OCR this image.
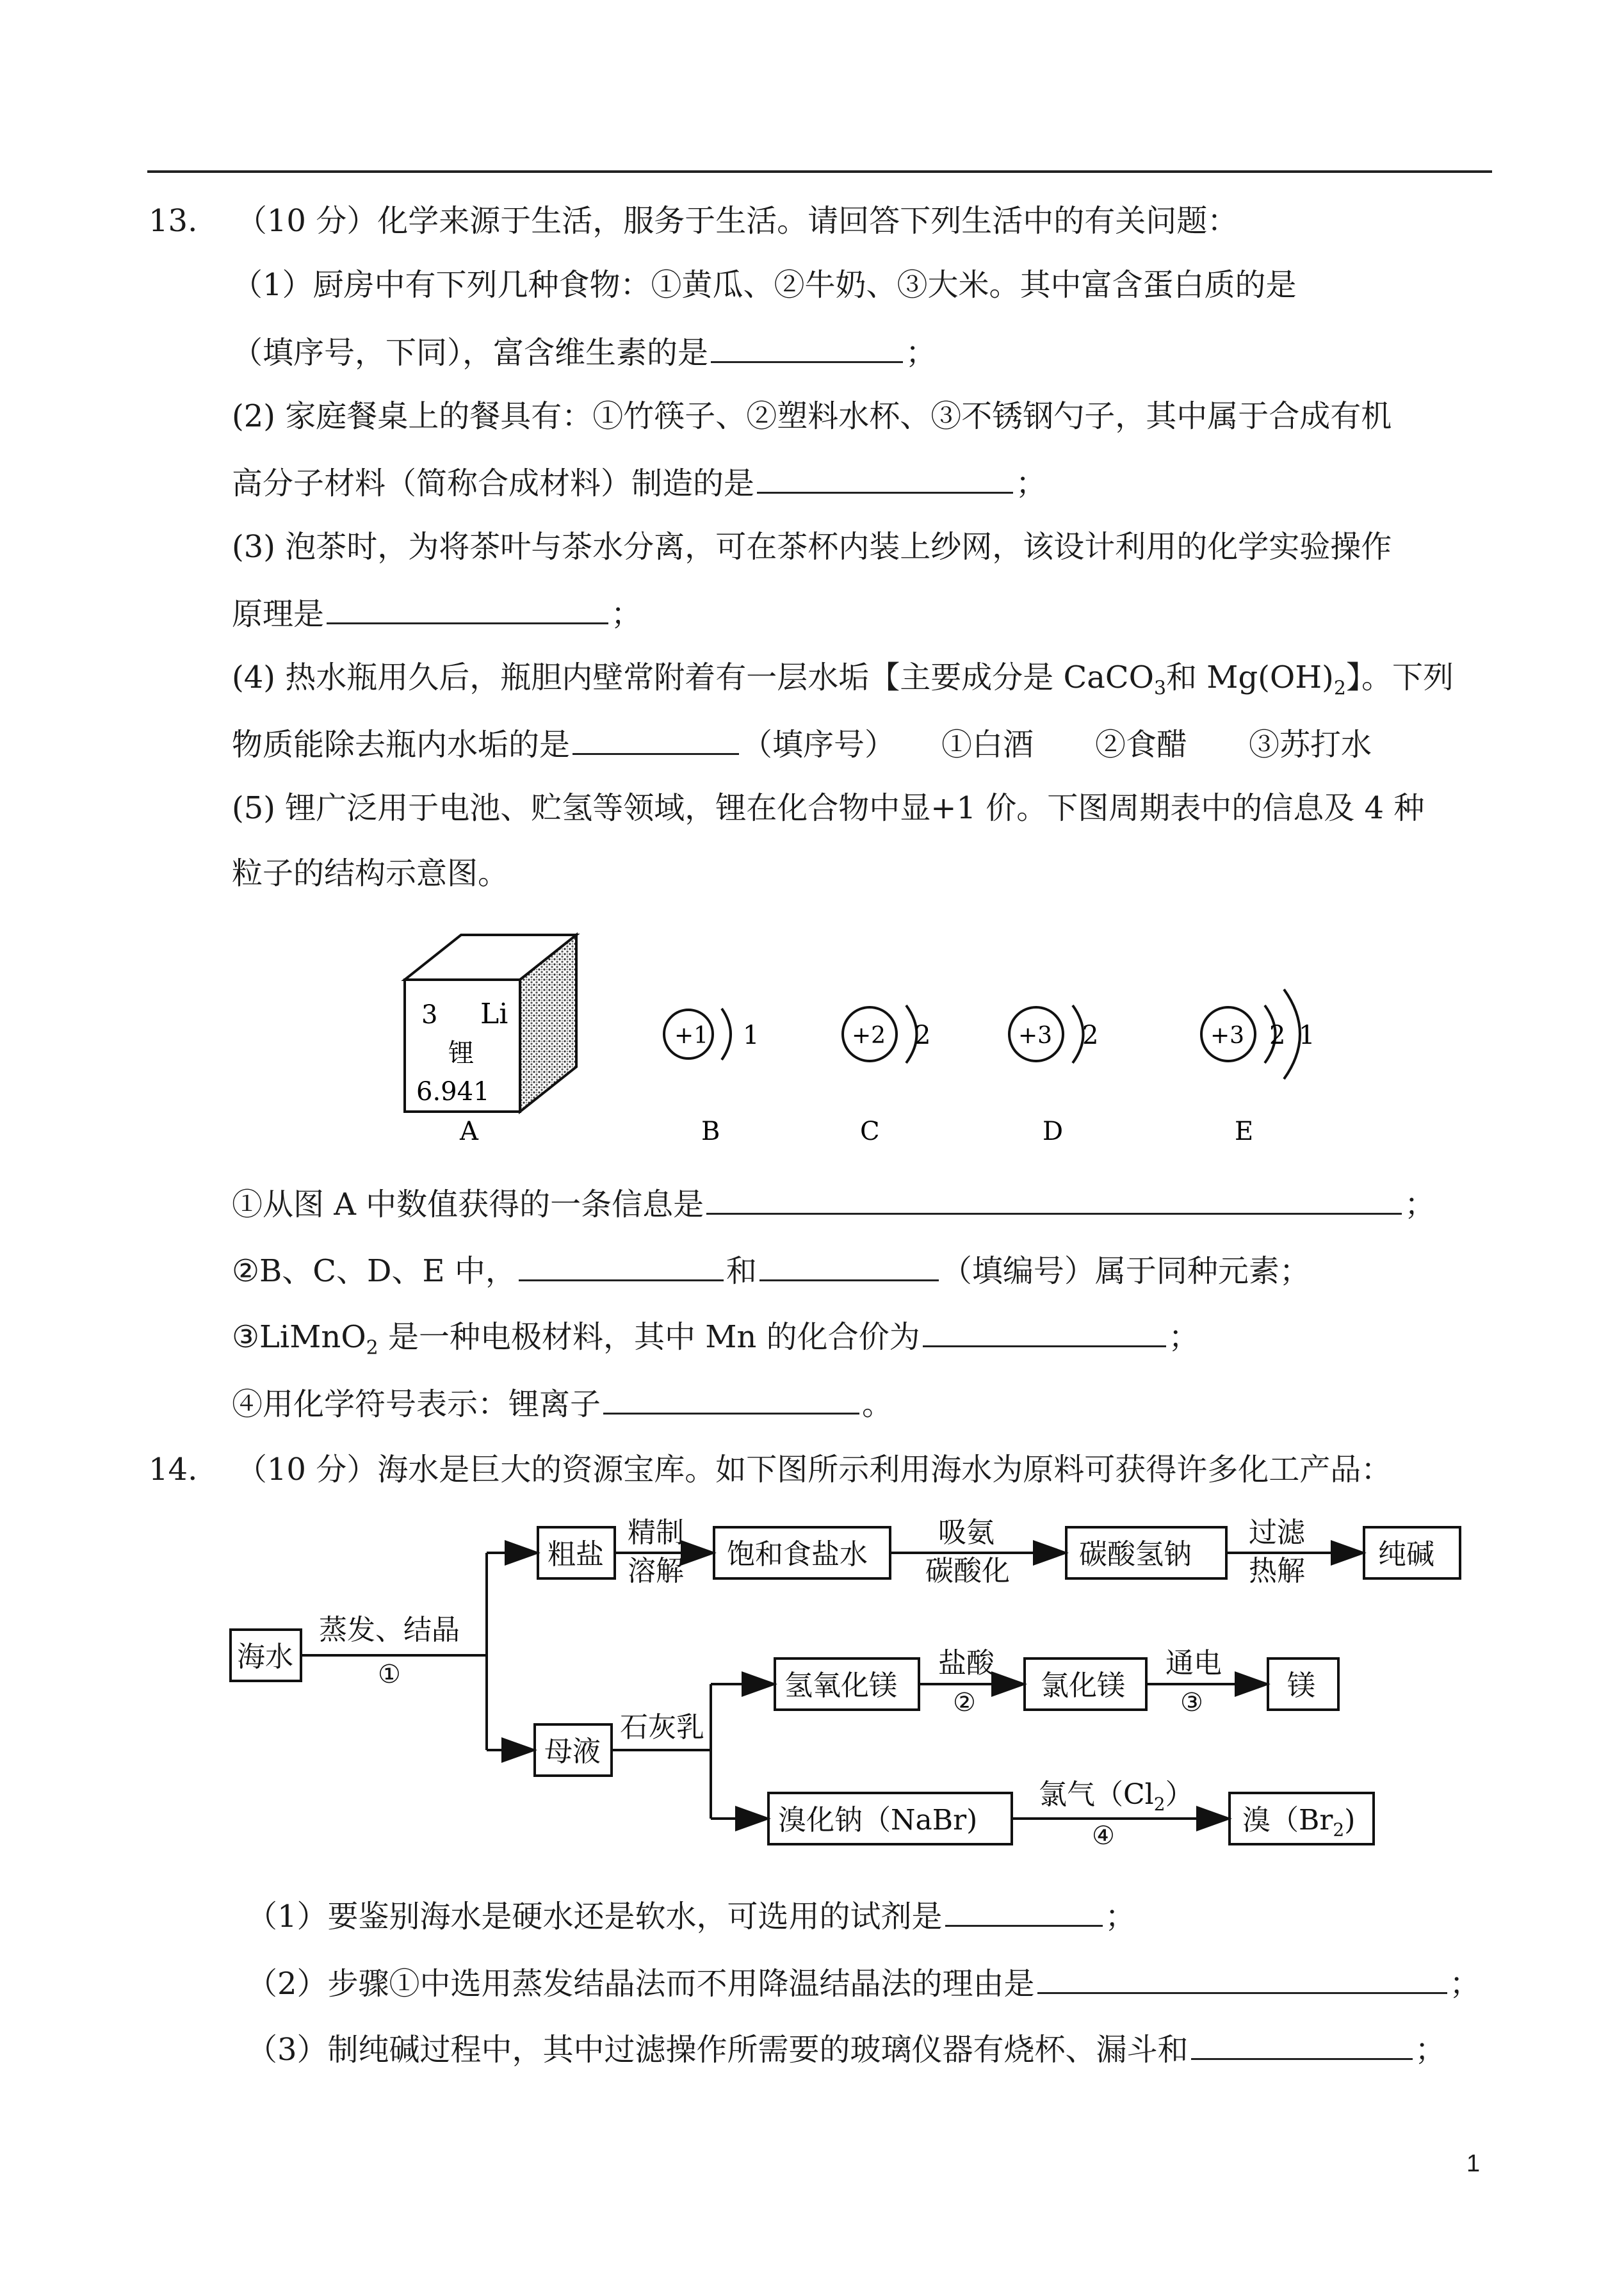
13. （10 分）化学来源于生活，服务于生活。请回答下列生活中的有关问题：
（1）厨房中有下列几种食物：①黄瓜、②牛奶、③大米。其中富含蛋白质的是
（填序号，下同），富含维生素的是	；
(2) 家庭餐桌上的餐具有：①竹筷子、②塑料水杯、③不锈钢勺子，其中属于合成有机
高分子材料（简称合成材料）制造的是	；
(3) 泡茶时，为将茶叶与茶水分离，可在茶杯内装上纱网，该设计利用的化学实验操作
原理是	；
(4) 热水瓶用久后，瓶胆内壁常附着有一层水垢【主要成分是 CaCO$_3$和 $Mg(OH)_2$】。下列
物质能除去瓶内水垢的是	（填序号）　　①白酒　　②食醋　　③苏打水
(5) 锂广泛用于电池、贮氢等领域，锂在化合物中显+1 价。下图周期表中的信息及 4 种
粒子的结构示意图。
3 Li
锂
6.941
A
+1 1
B
+2 2
C
+3 2
D
+3 2 1
E
①从图 A 中数值获得的一条信息是	；
②B、C、D、E 中，	和	（填编号）属于同种元素；
③LiMnO$_2$ 是一种电极材料，其中 Mn 的化合价为	；
④用化学符号表示：锂离子	。
14. （10 分）海水是巨大的资源宝库。如下图所示利用海水为原料可获得许多化工产品：
海水
蒸发、结晶
①
粗盐
精制
溶解
饱和食盐水
吸氨
碳酸化
碳酸氢钠
过滤
热解
纯碱
母液
石灰乳
氢氧化镁
盐酸
②
氯化镁
通电
③
镁
溴化钠（NaBr)
氯气$(Cl_2)$
④	溴$(Br_2)$
（1）要鉴别海水是硬水还是软水，可选用的试剂是	；
（2）步骤①中选用蒸发结晶法而不用降温结晶法的理由是	；
（3）制纯碱过程中，其中过滤操作所需要的玻璃仪器有烧杯、漏斗和	；
1
